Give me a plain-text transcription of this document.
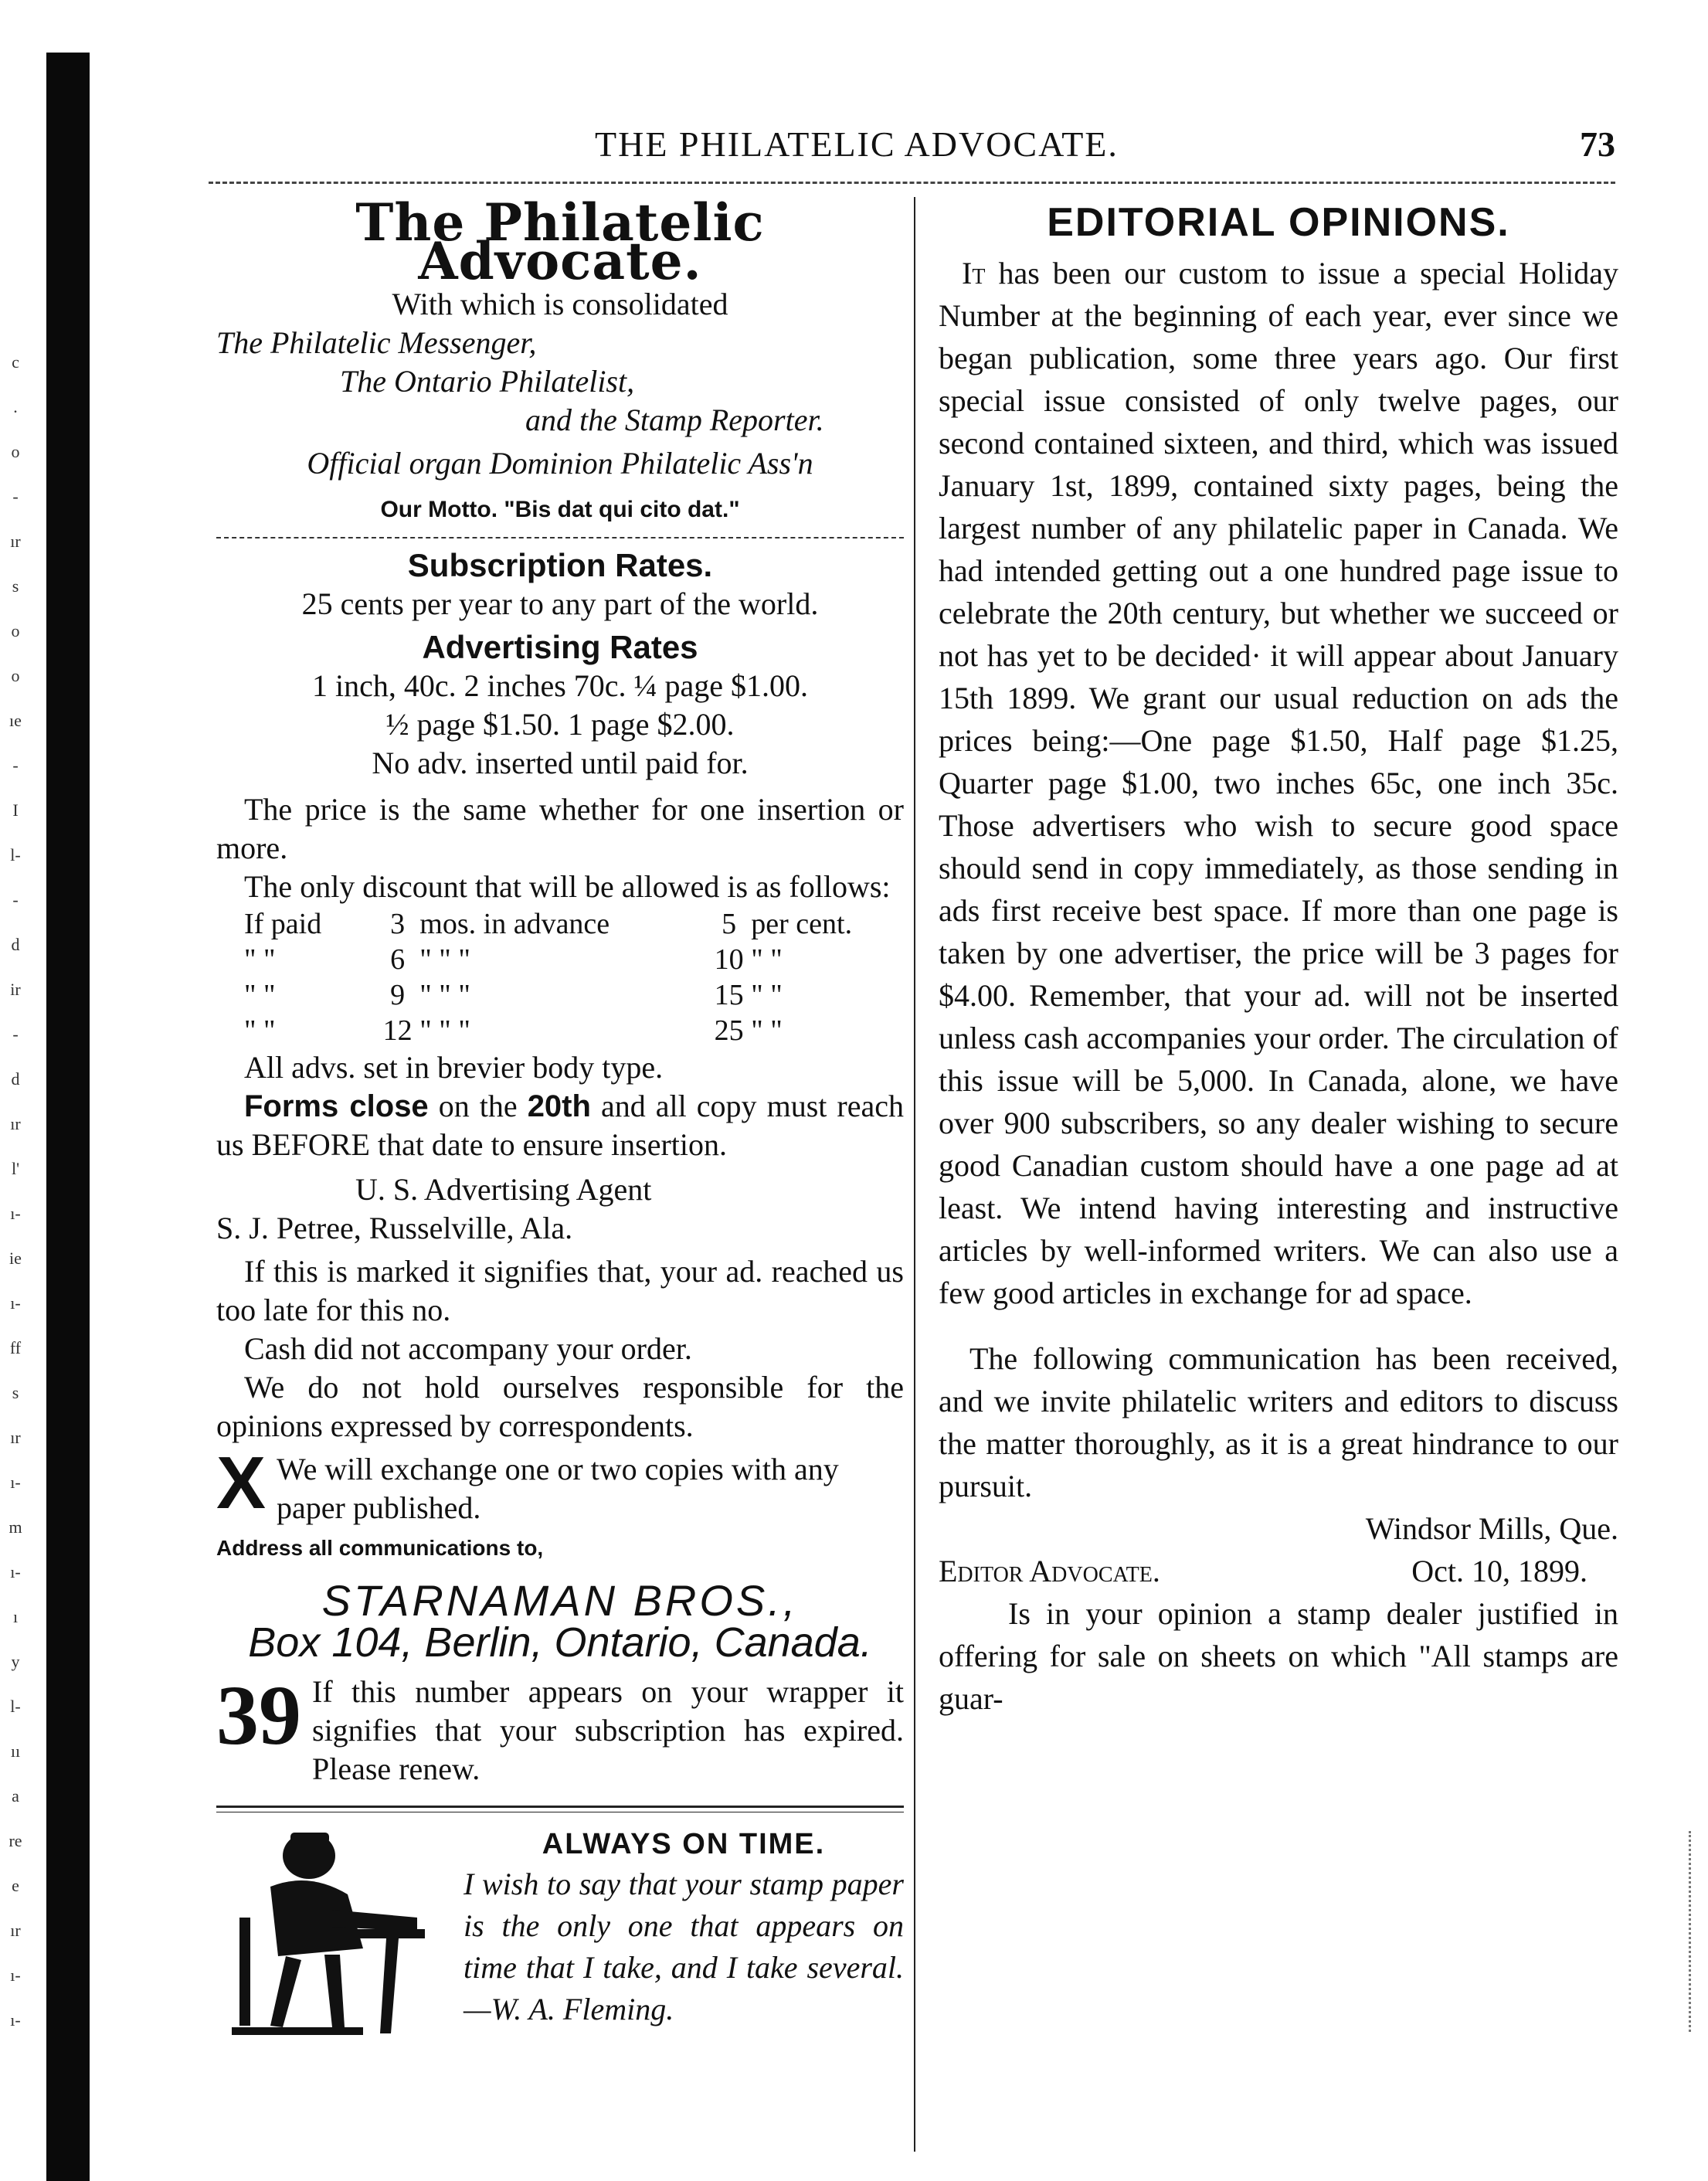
c
.
o
-
ır
s
o
o
ıe
-
I
l-
-
d
ir
-
d
ır
l'
ı-
ie
ı-
ff
s
ır
ı-
m
ı-
ı
y
l-
ıı
a
re
e
ır
ı-
ı-
THE PHILATELIC ADVOCATE.	73
The Philatelic Advocate.
With which is consolidated
The Philatelic Messenger,
The Ontario Philatelist,
and the Stamp Reporter.
Official organ Dominion Philatelic Ass'n
Our Motto. "Bis dat qui cito dat."
Subscription Rates.
25 cents per year to any part of the world.
Advertising Rates
1 inch, 40c. 2 inches 70c. ¼ page $1.00.
½ page $1.50. 1 page $2.00.
No adv. inserted until paid for.

The price is the same whether for one insertion or more.

The only discount that will be allowed is as follows:

If paid	3	mos. in advance	5	per cent.
" "	6	" " "	10	" "
" "	9	" " "	15	" "
" "	12	" " "	25	" "

All advs. set in brevier body type.

Forms close on the 20th and all copy must reach us BEFORE that date to ensure insertion.

U. S. Advertising Agent
S. J. Petree, Russelville, Ala.

If this is marked it signifies that, your ad. reached us too late for this no.

Cash did not accompany your order.

We do not hold ourselves responsible for the opinions expressed by correspondents.

X We will exchange one or two copies with any paper published.
Address all communications to,
STARNAMAN BROS.,
Box 104, Berlin, Ontario, Canada.
39 If this number appears on your wrapper it signifies that your subscription has expired. Please renew.
ALWAYS ON TIME.

I wish to say that your stamp paper is the only one that appears on time that I take, and I take several.—W. A. Fleming.

EDITORIAL OPINIONS.

It has been our custom to issue a special Holiday Number at the beginning of each year, ever since we began publication, some three years ago. Our first special issue consisted of only twelve pages, our second contained sixteen, and third, which was issued January 1st, 1899, contained sixty pages, being the largest number of any philatelic paper in Canada. We had intended getting out a one hundred page issue to celebrate the 20th century, but whether we succeed or not has yet to be decided· it will appear about January 15th 1899. We grant our usual reduction on ads the prices being:—One page $1.50, Half page $1.25, Quarter page $1.00, two inches 65c, one inch 35c. Those advertisers who wish to secure good space should send in copy immediately, as those sending in ads first receive best space. If more than one page is taken by one advertiser, the price will be 3 pages for $4.00. Remember, that your ad. will not be inserted unless cash accompanies your order. The circulation of this issue will be 5,000. In Canada, alone, we have over 900 subscribers, so any dealer wishing to secure good Canadian custom should have a one page ad at least. We intend having interesting and instructive articles by well-informed writers. We can also use a few good articles in exchange for ad space.

The following communication has been received, and we invite philatelic writers and editors to discuss the matter thoroughly, as it is a great hindrance to our pursuit.

Windsor Mills, Que.
Editor Advocate.	Oct. 10, 1899.

Is in your opinion a stamp dealer justified in offering for sale on sheets on which "All stamps are guar-
